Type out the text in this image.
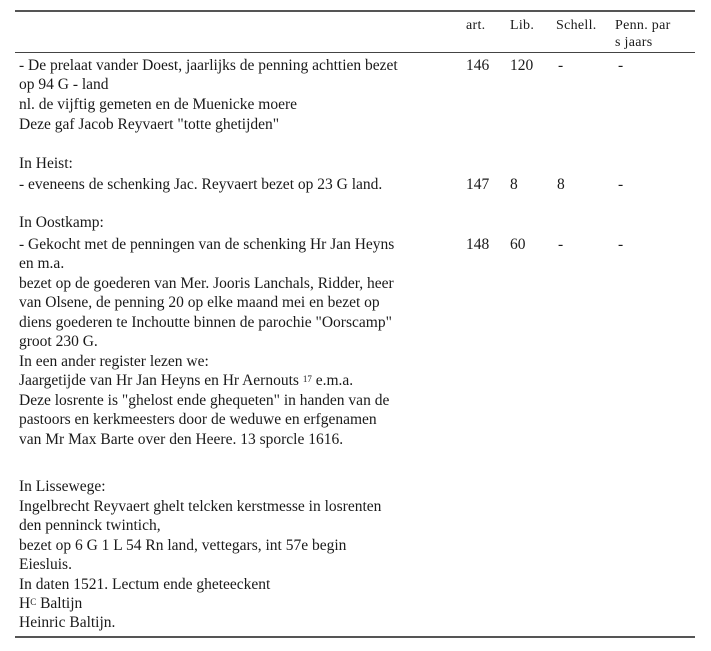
art. Lib. Schell. Penn. par
s jaars
- De prelaat vander Doest, jaarlijks de penning achttien bezet
op 94 G - land
nl. de vijftig gemeten en de Muenicke moere
Deze gaf Jacob Reyvaert "totte ghetijden"
146 120 -	-
In Heist:
- eveneens de schenking Jac. Reyvaert bezet op 23 G land.	147 8	8	-
In Oostkamp:
- Gekocht met de penningen van de schenking Hr Jan Heyns
en m.a.
bezet op de goederen van Mer. Jooris Lanchals, Ridder, heer
van Olsene, de penning 20 op elke maand mei en bezet op
diens goederen te Inchoutte binnen de parochie "Oorscamp"
groot 230 G.
In een ander register lezen we:
Jaargetijde van Hr Jan Heyns en Hr Aernouts $^{17}$ e.m.a.
Deze losrente is "ghelost ende ghequeten" in handen van de
pastoors en kerkmeesters door de weduwe en erfgenamen
van Mr Max Barte over den Heere. 13 sporcle 1616.
148 60 -	-
In Lissewege:
Ingelbrecht Reyvaert ghelt telcken kerstmesse in losrenten
den penninck twintich,
bezet op 6 G 1 L 54 Rn land, vettegars, int 57e begin
Eiesluis.
In daten 1521. Lectum ende gheteeckent
$H^C$ Baltijn
Heinric Baltijn.
